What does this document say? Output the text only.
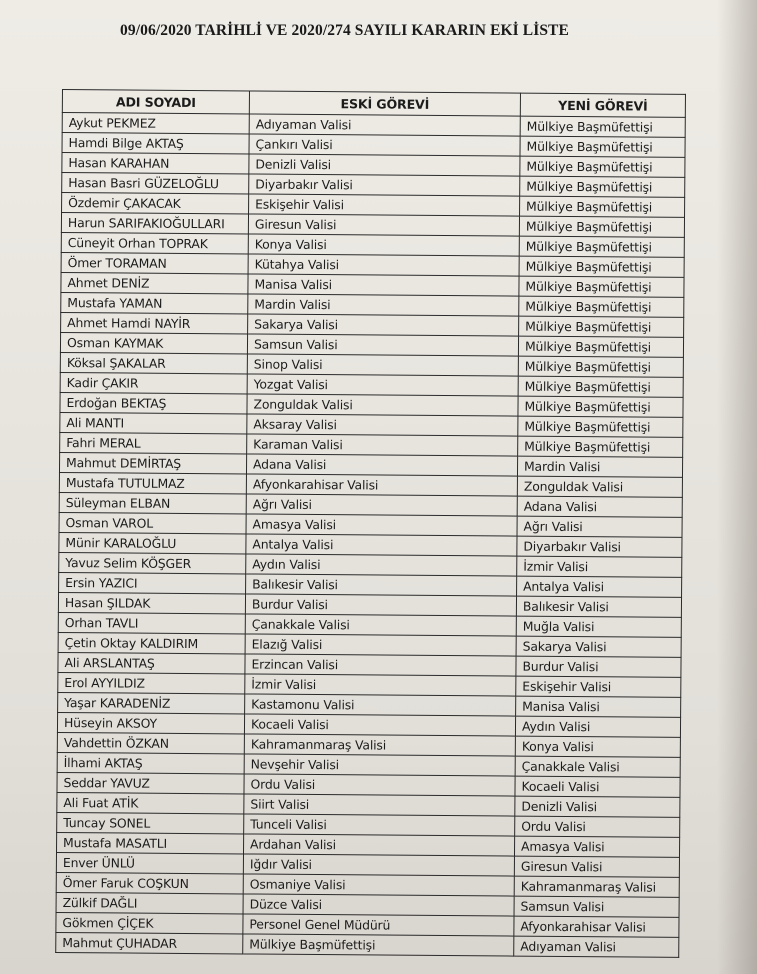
09/06/2020 TARİHLİ VE 2020/274 SAYILI KARARIN EKİ LİSTE
ADI SOYADI	ESKİ GÖREVİ	YENİ GÖREVİ
Aykut PEKMEZ	Adıyaman Valisi	Mülkiye Başmüfettişi
Hamdi Bilge AKTAŞ	Çankırı Valisi	Mülkiye Başmüfettişi
Hasan KARAHAN	Denizli Valisi	Mülkiye Başmüfettişi
Hasan Basri GÜZELOĞLU	Diyarbakır Valisi	Mülkiye Başmüfettişi
Özdemir ÇAKACAK	Eskişehir Valisi	Mülkiye Başmüfettişi
Harun SARIFAKIOĞULLARI	Giresun Valisi	Mülkiye Başmüfettişi
Cüneyit Orhan TOPRAK	Konya Valisi	Mülkiye Başmüfettişi
Ömer TORAMAN	Kütahya Valisi	Mülkiye Başmüfettişi
Ahmet DENİZ	Manisa Valisi	Mülkiye Başmüfettişi
Mustafa YAMAN	Mardin Valisi	Mülkiye Başmüfettişi
Ahmet Hamdi NAYİR	Sakarya Valisi	Mülkiye Başmüfettişi
Osman KAYMAK	Samsun Valisi	Mülkiye Başmüfettişi
Köksal ŞAKALAR	Sinop Valisi	Mülkiye Başmüfettişi
Kadir ÇAKIR	Yozgat Valisi	Mülkiye Başmüfettişi
Erdoğan BEKTAŞ	Zonguldak Valisi	Mülkiye Başmüfettişi
Ali MANTI	Aksaray Valisi	Mülkiye Başmüfettişi
Fahri MERAL	Karaman Valisi	Mülkiye Başmüfettişi
Mahmut DEMİRTAŞ	Adana Valisi	Mardin Valisi
Mustafa TUTULMAZ	Afyonkarahisar Valisi	Zonguldak Valisi
Süleyman ELBAN	Ağrı Valisi	Adana Valisi
Osman VAROL	Amasya Valisi	Ağrı Valisi
Münir KARALOĞLU	Antalya Valisi	Diyarbakır Valisi
Yavuz Selim KÖŞGER	Aydın Valisi	İzmir Valisi
Ersin YAZICI	Balıkesir Valisi	Antalya Valisi
Hasan ŞILDAK	Burdur Valisi	Balıkesir Valisi
Orhan TAVLI	Çanakkale Valisi	Muğla Valisi
Çetin Oktay KALDIRIM	Elazığ Valisi	Sakarya Valisi
Ali ARSLANTAŞ	Erzincan Valisi	Burdur Valisi
Erol AYYILDIZ	İzmir Valisi	Eskişehir Valisi
Yaşar KARADENİZ	Kastamonu Valisi	Manisa Valisi
Hüseyin AKSOY	Kocaeli Valisi	Aydın Valisi
Vahdettin ÖZKAN	Kahramanmaraş Valisi	Konya Valisi
İlhami AKTAŞ	Nevşehir Valisi	Çanakkale Valisi
Seddar YAVUZ	Ordu Valisi	Kocaeli Valisi
Ali Fuat ATİK	Siirt Valisi	Denizli Valisi
Tuncay SONEL	Tunceli Valisi	Ordu Valisi
Mustafa MASATLI	Ardahan Valisi	Amasya Valisi
Enver ÜNLÜ	Iğdır Valisi	Giresun Valisi
Ömer Faruk COŞKUN	Osmaniye Valisi	Kahramanmaraş Valisi
Zülkif DAĞLI	Düzce Valisi	Samsun Valisi
Gökmen ÇİÇEK	Personel Genel Müdürü	Afyonkarahisar Valisi
Mahmut ÇUHADAR	Mülkiye Başmüfettişi	Adıyaman Valisi
